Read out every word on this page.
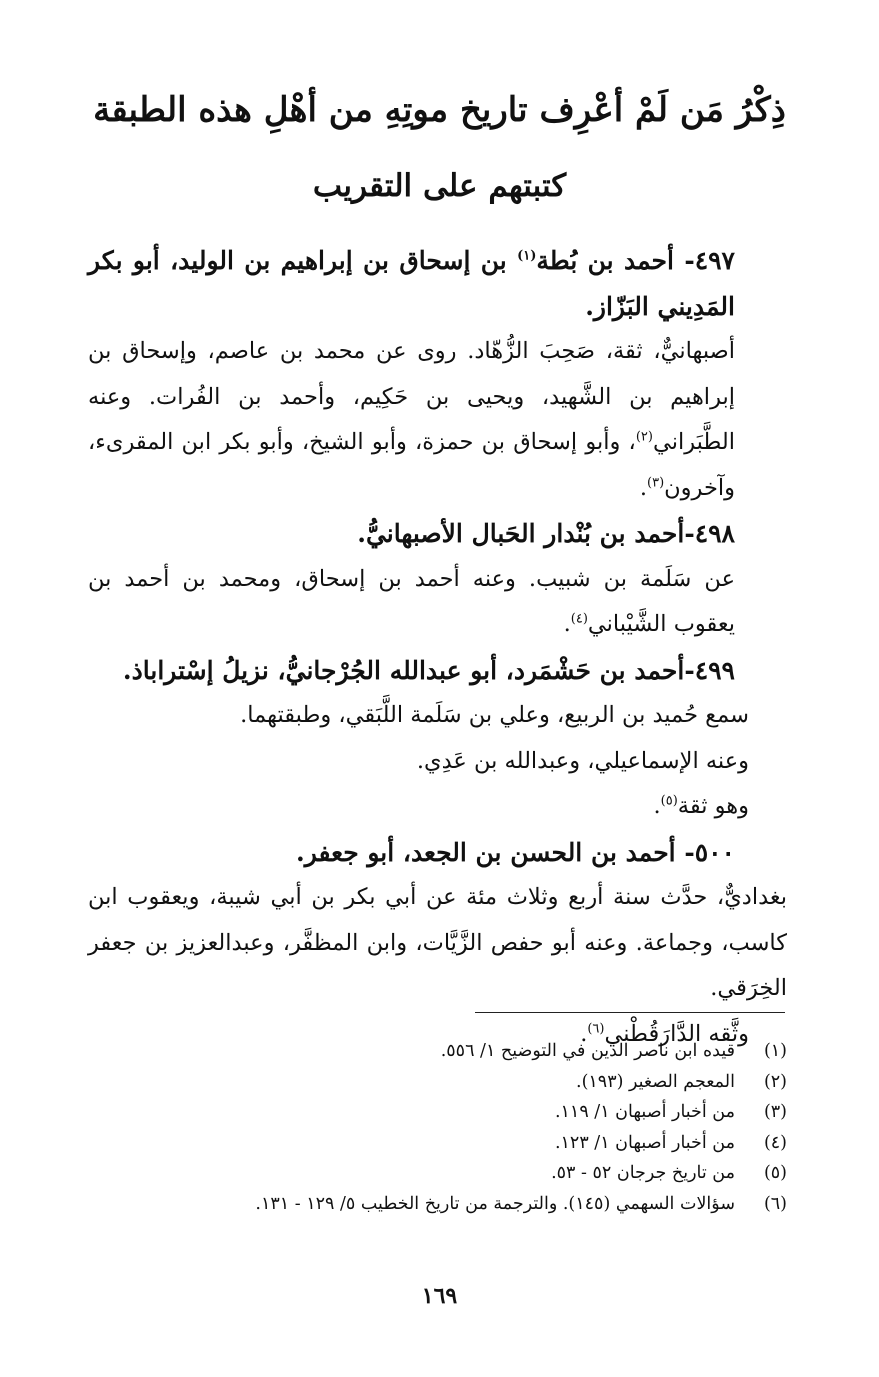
ذِكْرُ مَن لَمْ أعْرِف تاريخ موتِهِ من أهْلِ هذه الطبقة
كتبتهم على التقريب

٤٩٧- أحمد بن بُطة$^{(١)}$ بن إسحاق بن إبراهيم بن الوليد، أبو بكر المَدِيني البَزّاز.

أصبهانيٌّ، ثقة، صَحِبَ الزُّهّاد. روى عن محمد بن عاصم، وإسحاق بن إبراهيم بن الشَّهيد، ويحيى بن حَكِيم، وأحمد بن الفُرات. وعنه الطَّبَراني$^{(٢)}$، وأبو إسحاق بن حمزة، وأبو الشيخ، وأبو بكر ابن المقرىء، وآخرون$^{(٣)}$.

٤٩٨-أحمد بن بُنْدار الحَبال الأصبهانيُّ.

عن سَلَمة بن شبيب. وعنه أحمد بن إسحاق، ومحمد بن أحمد بن يعقوب الشَّيْباني$^{(٤)}$.

٤٩٩-أحمد بن حَشْمَرد، أبو عبدالله الجُرْجانيُّ، نزيلُ إسْتراباذ.

سمع حُميد بن الربيع، وعلي بن سَلَمة اللَّبَقي، وطبقتهما.

وعنه الإسماعيلي، وعبدالله بن عَدِي.

وهو ثقة$^{(٥)}$.

٥٠٠- أحمد بن الحسن بن الجعد، أبو جعفر.

بغداديٌّ، حدَّث سنة أربع وثلاث مئة عن أبي بكر بن أبي شيبة، ويعقوب ابن كاسب، وجماعة. وعنه أبو حفص الزَّيَّات، وابن المظفَّر، وعبدالعزيز بن جعفر الخِرَقي.

وثَّقه الدَّارَقُطْني$^{(٦)}$.

(١)
قيده ابن ناصر الدين في التوضيح ١/ ٥٥٦.
(٢)
المعجم الصغير (١٩٣).
(٣)
من أخبار أصبهان ١/ ١١٩.
(٤)
من أخبار أصبهان ١/ ١٢٣.
(٥)
من تاريخ جرجان ٥٢ - ٥٣.
(٦)
سؤالات السهمي (١٤٥). والترجمة من تاريخ الخطيب ٥/ ١٢٩ - ١٣١.
١٦٩
